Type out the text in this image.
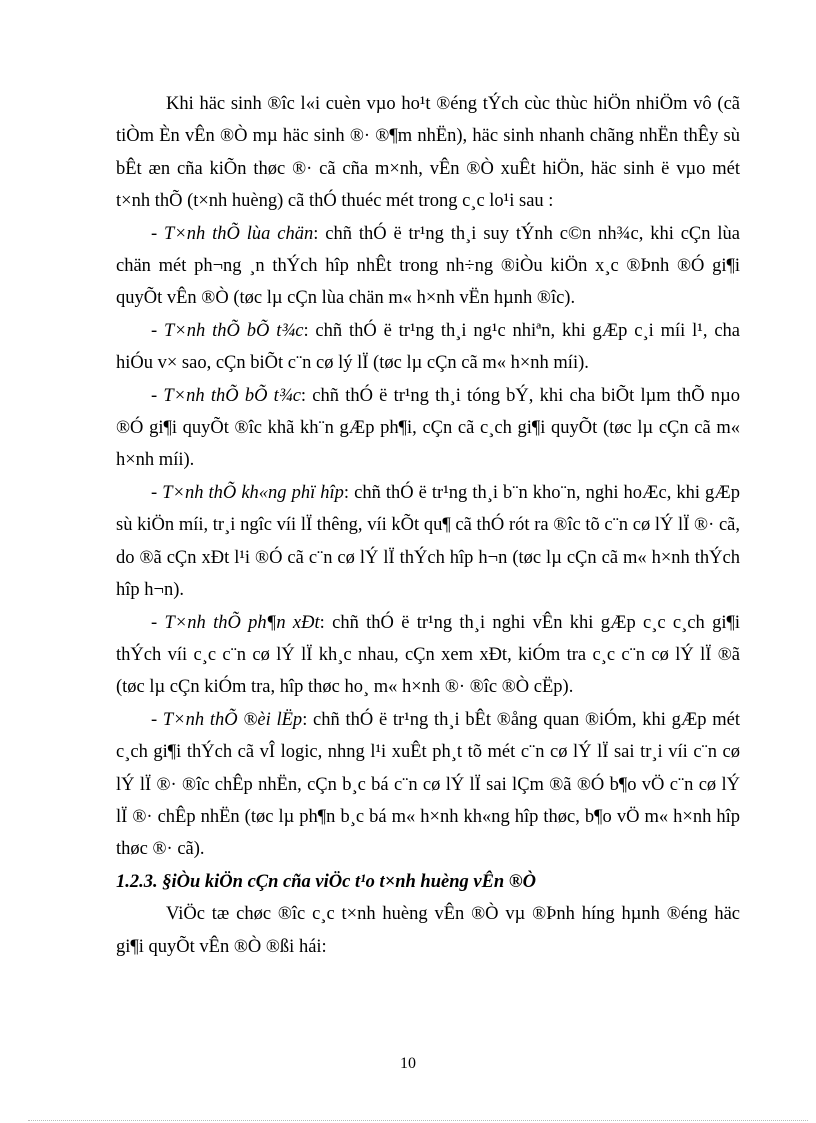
Khi häc sinh ®îc l«i cuèn vµo ho¹t ®éng tÝch cùc thùc hiÖn nhiÖm vô (cã tiÒm Èn vÊn ®Ò mµ häc sinh ®· ®¶m nhËn), häc sinh nhanh chãng nhËn thÊy sù bÊt æn cña kiÕn thøc ®· cã cña m×nh, vÊn ®Ò xuÊt hiÖn, häc sinh ë vµo mét t×nh thÕ (t×nh huèng) cã thÓ thuéc mét trong c¸c lo¹i sau :

- T×nh thÕ lùa chän: chñ thÓ ë tr¹ng th¸i suy tÝnh c©n nh¾c, khi cÇn lùa chän mét ph¬ng ¸n thÝch hîp nhÊt trong nh÷ng ®iÒu kiÖn x¸c ®Þnh ®Ó gi¶i quyÕt vÊn ®Ò (tøc lµ cÇn lùa chän m« h×nh vËn hµnh ®îc).

- T×nh thÕ bÕ t¾c: chñ thÓ ë tr¹ng th¸i ng¹c nhiªn, khi gÆp c¸i míi l¹, cha hiÓu v× sao, cÇn biÕt c¨n cø lý lÏ (tøc lµ cÇn cã m« h×nh míi).

- T×nh thÕ bÕ t¾c: chñ thÓ ë tr¹ng th¸i tóng bÝ, khi cha biÕt lµm thÕ nµo ®Ó gi¶i quyÕt ®îc khã kh¨n gÆp ph¶i, cÇn cã c¸ch gi¶i quyÕt (tøc lµ cÇn cã m« h×nh míi).

- T×nh thÕ kh«ng phï hîp: chñ thÓ ë tr¹ng th¸i b¨n kho¨n, nghi hoÆc, khi gÆp sù kiÖn míi, tr¸i ngîc víi lÏ thêng, víi kÕt qu¶ cã thÓ rót ra ®îc tõ c¨n cø lÝ lÏ ®· cã, do ®ã cÇn xÐt l¹i ®Ó cã c¨n cø lÝ lÏ thÝch hîp h¬n (tøc lµ cÇn cã m« h×nh thÝch hîp h¬n).

- T×nh thÕ ph¶n xÐt: chñ thÓ ë tr¹ng th¸i nghi vÊn khi gÆp c¸c c¸ch gi¶i thÝch víi c¸c c¨n cø lÝ lÏ kh¸c nhau, cÇn xem xÐt, kiÓm tra c¸c c¨n cø lÝ lÏ ®ã (tøc lµ cÇn kiÓm tra, hîp thøc ho¸ m« h×nh ®· ®îc ®Ò cËp).

- T×nh thÕ ®èi lËp: chñ thÓ ë tr¹ng th¸i bÊt ®ång quan ®iÓm, khi gÆp mét c¸ch gi¶i thÝch cã vÎ logic, nhng l¹i xuÊt ph¸t tõ mét c¨n cø lÝ lÏ sai tr¸i víi c¨n cø lÝ lÏ ®· ®îc chÊp nhËn, cÇn b¸c bá c¨n cø lÝ lÏ sai lÇm ®ã ®Ó b¶o vÖ c¨n cø lÝ lÏ ®· chÊp nhËn (tøc lµ ph¶n b¸c bá m« h×nh kh«ng hîp thøc, b¶o vÖ m« h×nh hîp thøc ®· cã).

1.2.3. §iÒu kiÖn cÇn cña viÖc t¹o t×nh huèng vÊn ®Ò

ViÖc tæ chøc ®îc c¸c t×nh huèng vÊn ®Ò vµ ®Þnh híng hµnh ®éng häc gi¶i quyÕt vÊn ®Ò ®ßi hái:

10
